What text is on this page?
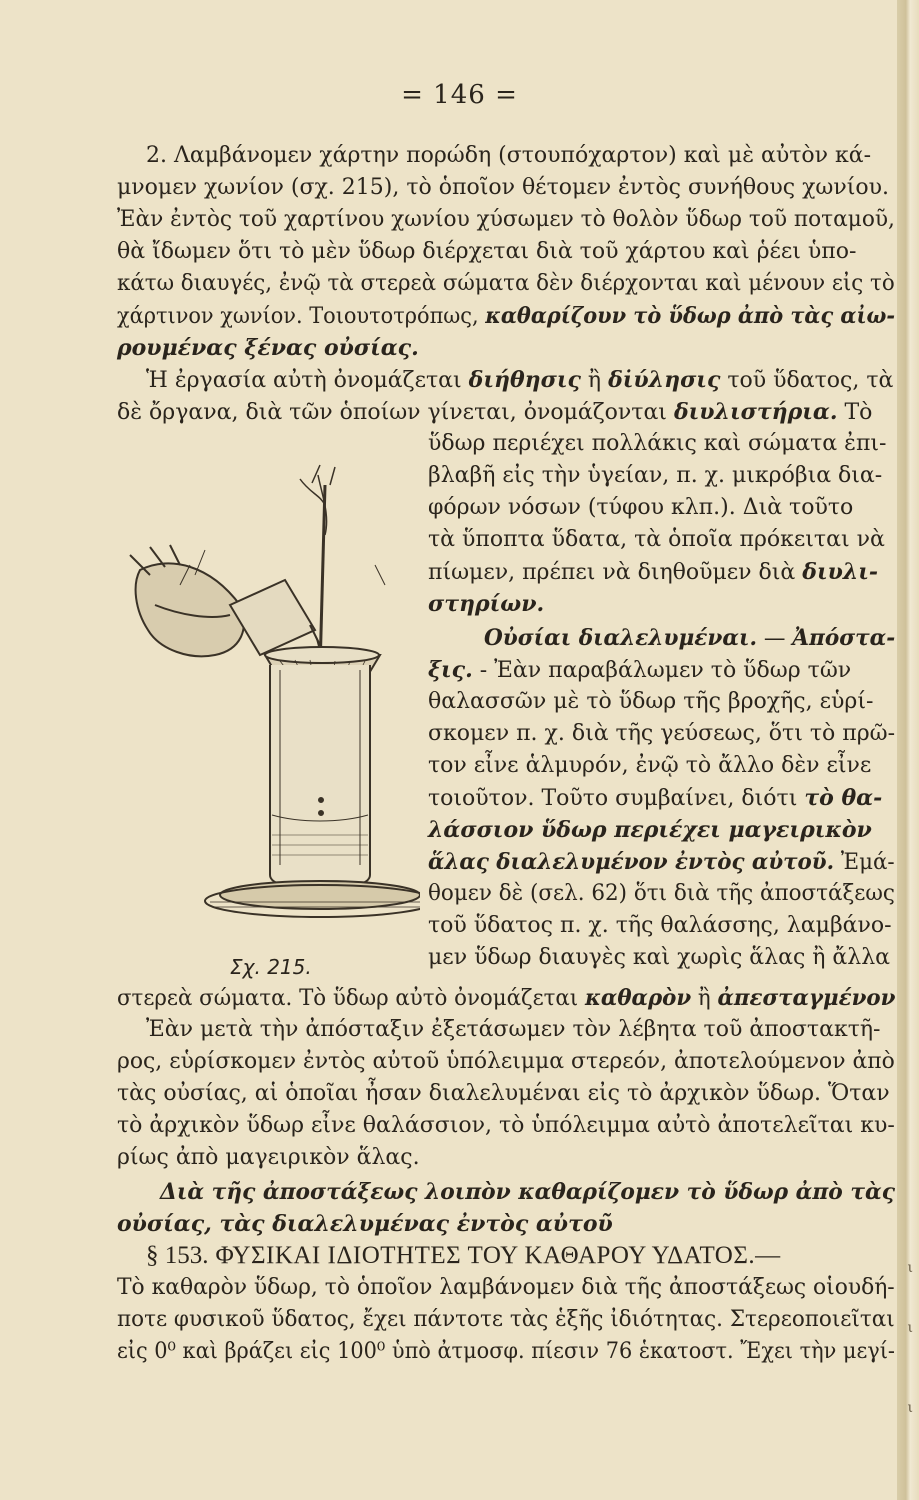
ι
ι
ι
= 146 =
2. Λαμβάνομεν χάρτην πορώδη (στουπόχαρτον) καὶ μὲ αὐτὸν κά-
μνομεν χωνίον (σχ. 215), τὸ ὁποῖον θέτομεν ἐντὸς συνήθους χωνίου.
Ἐὰν ἐντὸς τοῦ χαρτίνου χωνίου χύσωμεν τὸ θολὸν ὕδωρ τοῦ ποταμοῦ,
θὰ ἴδωμεν ὅτι τὸ μὲν ὕδωρ διέρχεται διὰ τοῦ χάρτου καὶ ῥέει ὑπο-
κάτω διαυγές, ἐνῷ τὰ στερεὰ σώματα δὲν διέρχονται καὶ μένουν εἰς τὸ
χάρτινον χωνίον. Τοιουτοτρόπως, καθαρίζουν τὸ ὕδωρ ἀπὸ τὰς αἰω-
ρουμένας ξένας οὐσίας.
Ἡ ἐργασία αὐτὴ ὀνομάζεται διήθησις ἢ δι̇ύλησις τοῦ ὕδατος, τὰ
δὲ ὄργανα, διὰ τῶν ὁποίων γίνεται, ὀνομάζονται διυλιστήρια. Τὸ
ὕδωρ περιέχει πολλάκις καὶ σώματα ἐπι-
βλαβῆ εἰς τὴν ὑγείαν, π. χ. μικρόβια δια-
φόρων νόσων (τύφου κλπ.). Διὰ τοῦτο
τὰ ὕποπτα ὕδατα, τὰ ὁποῖα πρόκειται νὰ
πίωμεν, πρέπει νὰ διηθοῦμεν διὰ διυλι-
στηρίων.
Οὐσίαι διαλελυμέναι. — Ἀπόστα-
ξις. - Ἐὰν παραβάλωμεν τὸ ὕδωρ τῶν
θαλασσῶν μὲ τὸ ὕδωρ τῆς βροχῆς, εὑρί-
σκομεν π. χ. διὰ τῆς γεύσεως, ὅτι τὸ πρῶ-
τον εἶνε ἁλμυρόν, ἐνῷ τὸ ἄλλο δὲν εἶνε
τοιοῦτον. Τοῦτο συμβαίνει, διότι τὸ θα-
λάσσιον ὕδωρ περιέχει μαγειρικὸν
ἅλας διαλελυμένον ἐντὸς αὐτοῦ. Ἐμά-
θομεν δὲ (σελ. 62) ὅτι διὰ τῆς ἀποστάξεως
τοῦ ὕδατος π. χ. τῆς θαλάσσης, λαμβάνο-
μεν ὕδωρ διαυγὲς καὶ χωρὶς ἅλας ἢ ἄλλα
Σχ. 215.
στερεὰ σώματα. Τὸ ὕδωρ αὐτὸ ὀνομάζεται καθαρὸν ἢ ἀπεσταγμένον
Ἐὰν μετὰ τὴν ἀπόσταξιν ἐξετάσωμεν τὸν λέβητα τοῦ ἀποστακτῆ-
ρος, εὑρίσκομεν ἐντὸς αὐτοῦ ὑπόλειμμα στερεόν, ἀποτελούμενον ἀπὸ
τὰς οὐσίας, αἱ ὁποῖαι ἦσαν διαλελυμέναι εἰς τὸ ἀρχικὸν ὕδωρ. Ὅταν
τὸ ἀρχικὸν ὕδωρ εἶνε θαλάσσιον, τὸ ὑπόλειμμα αὐτὸ ἀποτελεῖται κυ-
ρίως ἀπὸ μαγειρικὸν ἅλας.
Διὰ τῆς ἀποστάξεως λοιπὸν καθαρίζομεν τὸ ὕδωρ ἀπὸ τὰς
οὐσίας, τὰς διαλελυμένας ἐντὸς αὐτοῦ
§ 153. ΦΥΣΙΚΑΙ ΙΔΙΟΤΗΤΕΣ ΤΟΥ ΚΑΘΑΡΟΥ ΥΔΑΤΟΣ.—
Τὸ καθαρὸν ὕδωρ, τὸ ὁποῖον λαμβάνομεν διὰ τῆς ἀποστάξεως οἱουδή-
ποτε φυσικοῦ ὕδατος, ἔχει πάντοτε τὰς ἑξῆς ἰδιότητας. Στερεοποιεῖται
εἰς 0⁰ καὶ βράζει εἰς 100⁰ ὑπὸ ἀτμοσφ. πίεσιν 76 ἑκατοστ. Ἔχει τὴν μεγί-
